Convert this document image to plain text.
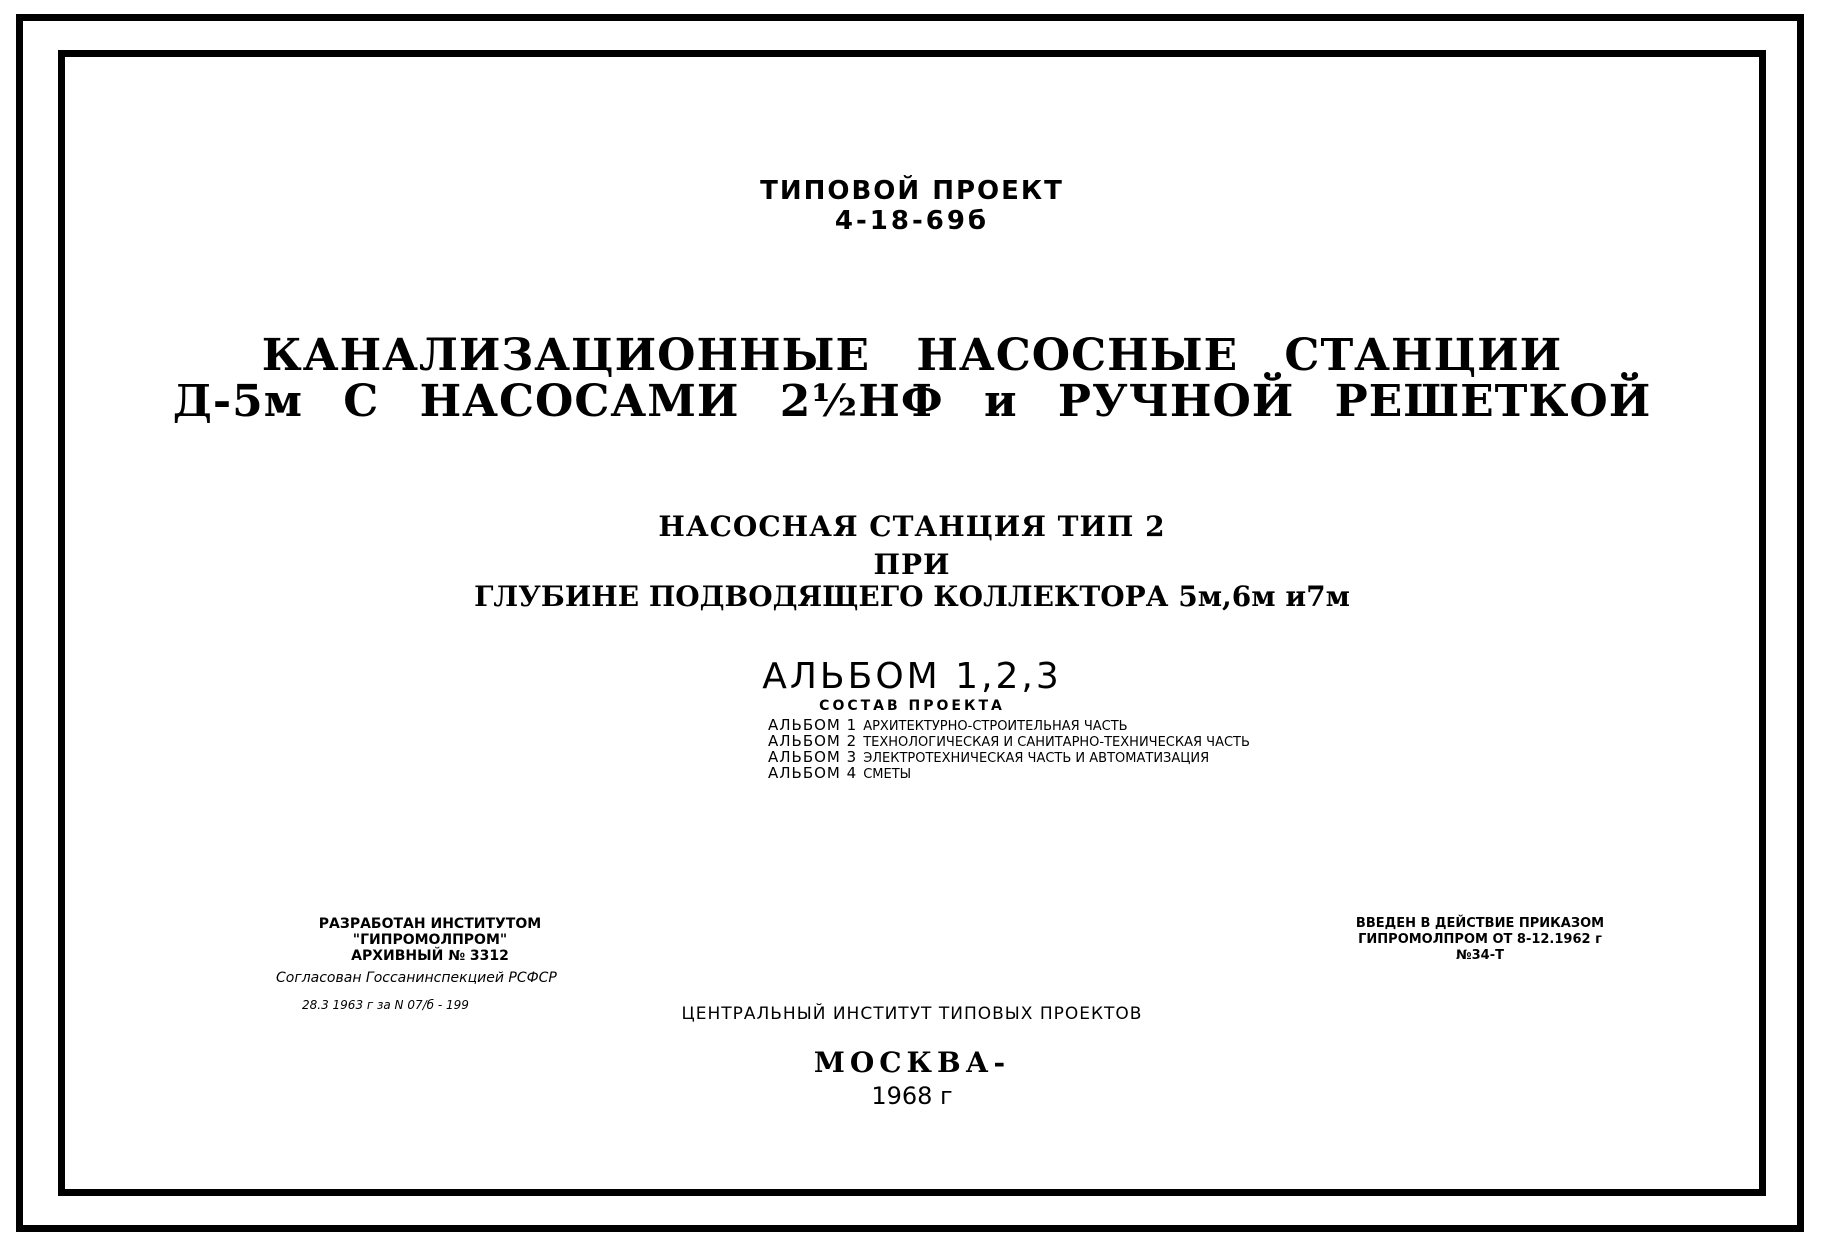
ТИПОВОЙ ПРОЕКТ
4-18-69б
КАНАЛИЗАЦИОННЫЕ НАСОСНЫЕ СТАНЦИИ
Д-5м С НАСОСАМИ 2½НФ и РУЧНОЙ РЕШЕТКОЙ
НАСОСНАЯ СТАНЦИЯ ТИП 2
ПРИ
ГЛУБИНЕ ПОДВОДЯЩЕГО КОЛЛЕКТОРА 5м,6м и7м
АЛЬБОМ 1,2,3
СОСТАВ ПРОЕКТА
АЛЬБОМ 1 АРХИТЕКТУРНО-СТРОИТЕЛЬНАЯ ЧАСТЬ
АЛЬБОМ 2 ТЕХНОЛОГИЧЕСКАЯ И САНИТАРНО-ТЕХНИЧЕСКАЯ ЧАСТЬ
АЛЬБОМ 3 ЭЛЕКТРОТЕХНИЧЕСКАЯ ЧАСТЬ И АВТОМАТИЗАЦИЯ
АЛЬБОМ 4 СМЕТЫ
РАЗРАБОТАН ИНСТИТУТОМ
"ГИПРОМОЛПРОМ"
АРХИВНЫЙ № 3312
Согласован Госсанинспекцией РСФСР
28.3 1963 г за N 07/б - 199
ВВЕДЕН В ДЕЙСТВИЕ ПРИКАЗОМ
ГИПРОМОЛПРОМ ОТ 8-12.1962 г
№34-Т
ЦЕНТРАЛЬНЫЙ ИНСТИТУТ ТИПОВЫХ ПРОЕКТОВ
МОСКВА-
1968 г
